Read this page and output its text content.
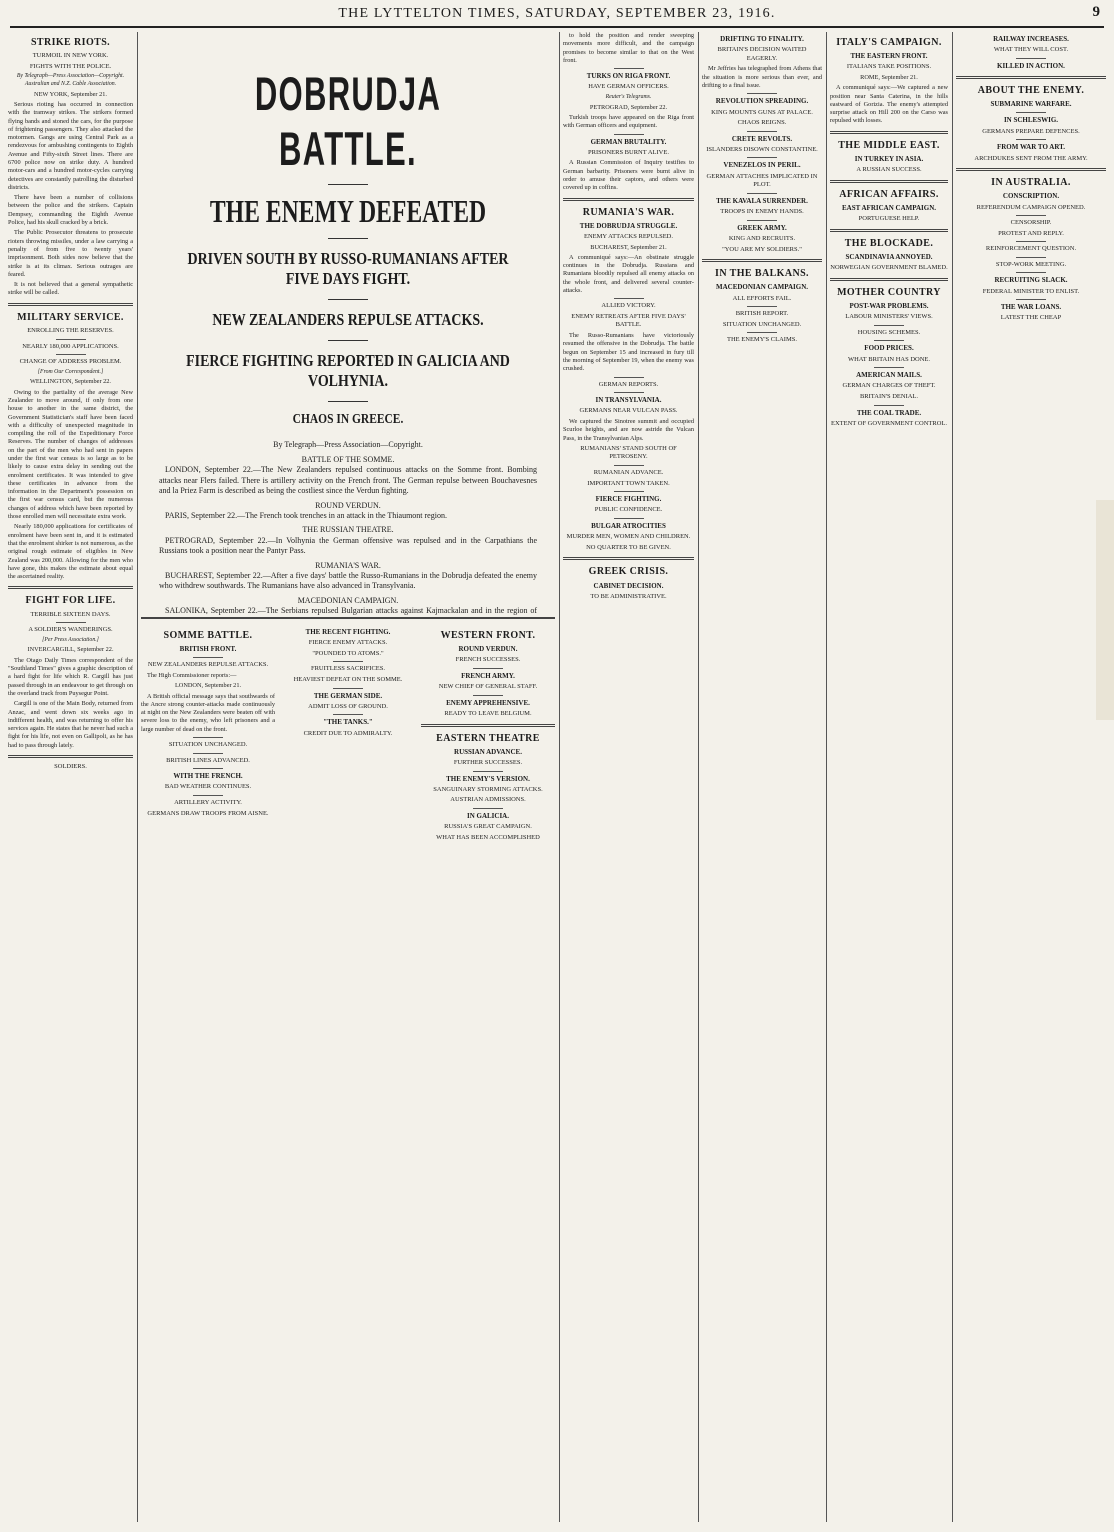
THE LYTTELTON TIMES, SATURDAY, SEPTEMBER 23, 1916.	9
STRIKE RIOTS.
TURMOIL IN NEW YORK.
FIGHTS WITH THE POLICE.
By Telegraph—Press Association—Copyright. Australian and N.Z. Cable Association.
NEW YORK, September 21.

Serious rioting has occurred in connection with the tramway strikes. The strikers formed flying bands and stoned the cars, for the purpose of frightening passengers. They also attacked the motormen. Gangs are using Central Park as a rendezvous for ambushing contingents to Eighth Avenue and Fifty-sixth Street lines. There are 6700 police now on strike duty. A hundred motor-cars and a hundred motor-cycles carrying detectives are constantly patrolling the disturbed districts.

There have been a number of collisions between the police and the strikers. Captain Dempsey, commanding the Eighth Avenue Police, had his skull cracked by a brick.

The Public Prosecutor threatens to prosecute rioters throwing missiles, under a law carrying a penalty of from five to twenty years' imprisonment. Both sides now believe that the strike is at its climax. Serious outrages are feared.

It is not believed that a general sympathetic strike will be called.

MILITARY SERVICE.
ENROLLING THE RESERVES.
NEARLY 180,000 APPLICATIONS.
CHANGE OF ADDRESS PROBLEM.
[From Our Correspondent.]
WELLINGTON, September 22.

Owing to the partiality of the average New Zealander to move around, if only from one house to another in the same district, the Government Statistician's staff have been faced with a difficulty of unexpected magnitude in compiling the roll of the Expeditionary Force Reserves. The number of changes of addresses on the part of the men who had sent in papers under the first war census is so large as to be likely to cause extra delay in sending out the enrolment certificates. It was intended to give these certificates in advance from the information in the Department's possession on the first war census card, but the numerous changes of address which have been reported by those enrolled men will necessitate extra work.

Nearly 180,000 applications for certificates of enrolment have been sent in, and it is estimated that the enrolment shirker is not numerous, as the original rough estimate of eligibles in New Zealand was 200,000. Allowing for the men who have gone, this makes the estimate about equal the ascertained reality.

FIGHT FOR LIFE.
TERRIBLE SIXTEEN DAYS.
A SOLDIER'S WANDERINGS.
[Per Press Association.]
INVERCARGILL, September 22.

The Otago Daily Times correspondent of the "Southland Times" gives a graphic description of a hard fight for life which R. Cargill has just passed through in an endeavour to get through on the overland track from Puysegur Point.

Cargill is one of the Main Body, returned from Anzac, and went down six weeks ago in indifferent health, and was returning to offer his services again. He states that he never had such a fight for his life, not even on Gallipoli, as he has had to pass through lately.

SOLDIERS.
DOBRUDJA BATTLE.
THE ENEMY DEFEATED
DRIVEN SOUTH BY RUSSO-RUMANIANS AFTER FIVE DAYS FIGHT.
NEW ZEALANDERS REPULSE ATTACKS.
FIERCE FIGHTING REPORTED IN GALICIA AND VOLHYNIA.
CHAOS IN GREECE.
By Telegraph—Press Association—Copyright.
BATTLE OF THE SOMME.

LONDON, September 22.—The New Zealanders repulsed continuous attacks on the Somme front. Bombing attacks near Flers failed. There is artillery activity on the French front. The German repulse between Bouchavesnes and la Priez Farm is described as being the costliest since the Verdun fighting.

ROUND VERDUN.

PARIS, September 22.—The French took trenches in an attack in the Thiaumont region.

THE RUSSIAN THEATRE.

PETROGRAD, September 22.—In Volhynia the German offensive was repulsed and in the Carpathians the Russians took a position near the Pantyr Pass.

RUMANIA'S WAR.

BUCHAREST, September 22.—After a five days' battle the Russo-Rumanians in the Dobrudja defeated the enemy who withdrew southwards. The Rumanians have also advanced in Transylvania.

MACEDONIAN CAMPAIGN.

SALONIKA, September 22.—The Serbians repulsed Bulgarian attacks against Kajmackalan and in the region of

SOMME BATTLE.
BRITISH FRONT.
NEW ZEALANDERS REPULSE ATTACKS.

The High Commissioner reports:—

LONDON, September 21.

A British official message says that southwards of the Ancre strong counter-attacks made continuously at night on the New Zealanders were beaten off with severe loss to the enemy, who left prisoners and a large number of dead on the front.

SITUATION UNCHANGED.
BRITISH LINES ADVANCED.
WITH THE FRENCH.
BAD WEATHER CONTINUES.
ARTILLERY ACTIVITY.
GERMANS DRAW TROOPS FROM AISNE.
THE RECENT FIGHTING.
FIERCE ENEMY ATTACKS.
"POUNDED TO ATOMS."
FRUITLESS SACRIFICES.
HEAVIEST DEFEAT ON THE SOMME.
THE GERMAN SIDE.
ADMIT LOSS OF GROUND.
"THE TANKS."
CREDIT DUE TO ADMIRALTY.
WESTERN FRONT.
ROUND VERDUN.
FRENCH SUCCESSES.
FRENCH ARMY.
NEW CHIEF OF GENERAL STAFF.
ENEMY APPREHENSIVE.
READY TO LEAVE BELGIUM.
EASTERN THEATRE
RUSSIAN ADVANCE.
FURTHER SUCCESSES.
THE ENEMY'S VERSION.
SANGUINARY STORMING ATTACKS.
AUSTRIAN ADMISSIONS.
IN GALICIA.
RUSSIA'S GREAT CAMPAIGN.
WHAT HAS BEEN ACCOMPLISHED

to hold the position and render sweeping movements more difficult, and the campaign promises to become similar to that on the West front.

TURKS ON RIGA FRONT.
HAVE GERMAN OFFICERS.
Reuter's Telegrams.
PETROGRAD, September 22.

Turkish troops have appeared on the Riga front with German officers and equipment.

GERMAN BRUTALITY.
PRISONERS BURNT ALIVE.

A Russian Commission of Inquiry testifies to German barbarity. Prisoners were burnt alive in order to amuse their captors, and others were covered up in coffins.

RUMANIA'S WAR.
THE DOBRUDJA STRUGGLE.
ENEMY ATTACKS REPULSED.
BUCHAREST, September 21.

A communiqué says:—An obstinate struggle continues in the Dobrudja. Russians and Rumanians bloodily repulsed all enemy attacks on the whole front, and delivered several counter-attacks.

ALLIED VICTORY.
ENEMY RETREATS AFTER FIVE DAYS' BATTLE.

The Russo-Rumanians have victoriously resumed the offensive in the Dobrudja. The battle begun on September 15 and increased in fury till the morning of September 19, when the enemy was crushed.

GERMAN REPORTS.
IN TRANSYLVANIA.
GERMANS NEAR VULCAN PASS.

We captured the Sinotree summit and occupied Scurloe heights, and are now astride the Vulcan Pass, in the Transylvanian Alps.

RUMANIANS' STAND SOUTH OF PETROSENY.
RUMANIAN ADVANCE.
IMPORTANT TOWN TAKEN.
FIERCE FIGHTING.
PUBLIC CONFIDENCE.
BULGAR ATROCITIES
MURDER MEN, WOMEN AND CHILDREN.
NO QUARTER TO BE GIVEN.
GREEK CRISIS.
CABINET DECISION.
TO BE ADMINISTRATIVE.
DRIFTING TO FINALITY.
BRITAIN'S DECISION WAITED EAGERLY.

Mr Jeffries has telegraphed from Athens that the situation is more serious than ever, and drifting to a final issue.

REVOLUTION SPREADING.
KING MOUNTS GUNS AT PALACE.
CHAOS REIGNS.
CRETE REVOLTS.
ISLANDERS DISOWN CONSTANTINE.
VENEZELOS IN PERIL.
GERMAN ATTACHES IMPLICATED IN PLOT.
THE KAVALA SURRENDER.
TROOPS IN ENEMY HANDS.
GREEK ARMY.
KING AND RECRUITS.
"YOU ARE MY SOLDIERS."
IN THE BALKANS.
MACEDONIAN CAMPAIGN.
ALL EFFORTS FAIL.
BRITISH REPORT.
SITUATION UNCHANGED.
THE ENEMY'S CLAIMS.
ITALY'S CAMPAIGN.
THE EASTERN FRONT.
ITALIANS TAKE POSITIONS.
ROME, September 21.

A communiqué says:—We captured a new position near Santa Caterina, in the hills eastward of Gorizia. The enemy's attempted surprise attack on Hill 200 on the Carso was repulsed with losses.

THE MIDDLE EAST.
IN TURKEY IN ASIA.
A RUSSIAN SUCCESS.
AFRICAN AFFAIRS.
EAST AFRICAN CAMPAIGN.
PORTUGUESE HELP.
THE BLOCKADE.
SCANDINAVIA ANNOYED.
NORWEGIAN GOVERNMENT BLAMED.
MOTHER COUNTRY
POST-WAR PROBLEMS.
LABOUR MINISTERS' VIEWS.
HOUSING SCHEMES.
FOOD PRICES.
WHAT BRITAIN HAS DONE.
AMERICAN MAILS.
GERMAN CHARGES OF THEFT.
BRITAIN'S DENIAL.
THE COAL TRADE.
EXTENT OF GOVERNMENT CONTROL.
RAILWAY INCREASES.
WHAT THEY WILL COST.
KILLED IN ACTION.
ABOUT THE ENEMY.
SUBMARINE WARFARE.
IN SCHLESWIG.
GERMANS PREPARE DEFENCES.
FROM WAR TO ART.
ARCHDUKES SENT FROM THE ARMY.
IN AUSTRALIA.
CONSCRIPTION.
REFERENDUM CAMPAIGN OPENED.
CENSORSHIP.
PROTEST AND REPLY.
REINFORCEMENT QUESTION.
STOP-WORK MEETING.
RECRUITING SLACK.
FEDERAL MINISTER TO ENLIST.
THE WAR LOANS.
LATEST THE CHEAP
